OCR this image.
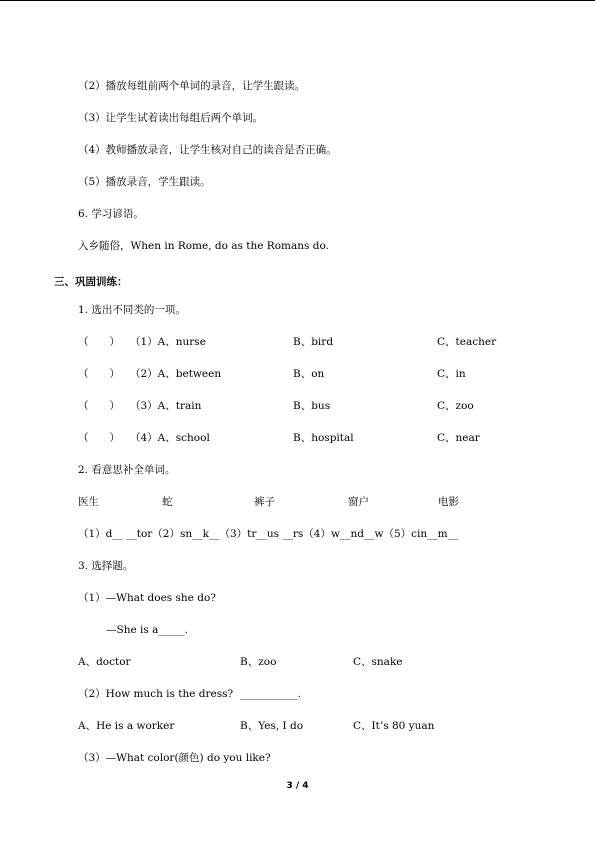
（2）播放每组前两个单词的录音，让学生跟读。
（3）让学生试着读出每组后两个单词。
（4）教师播放录音，让学生核对自己的读音是否正确。
（5）播放录音，学生跟读。
6. 学习谚语。
入乡随俗，When in Rome, do as the Romans do.
三、巩固训练：
1. 选出不同类的一项。
（　　） （1）A、nurse	B、bird	C、teacher
（　　） （2）A、between	B、on	C、in
（　　） （3）A、train	B、bus	C、zoo
（　　） （4）A、school	B、hospital	C、near
2. 看意思补全单词。
医生	蛇	裤子	窗户	电影
（1）d__ __tor（2）sn__k__（3）tr__us __rs（4）w__nd__w（5）cin__m__
3. 选择题。
（1）—What does she do?
—She is a_____.
A、doctor	B、zoo	C、snake
（2）How much is the dress?  ___________.
A、He is a worker	B、Yes, I do	C、It’s 80 yuan
（3）—What color(颜色) do you like?
3 / 4
